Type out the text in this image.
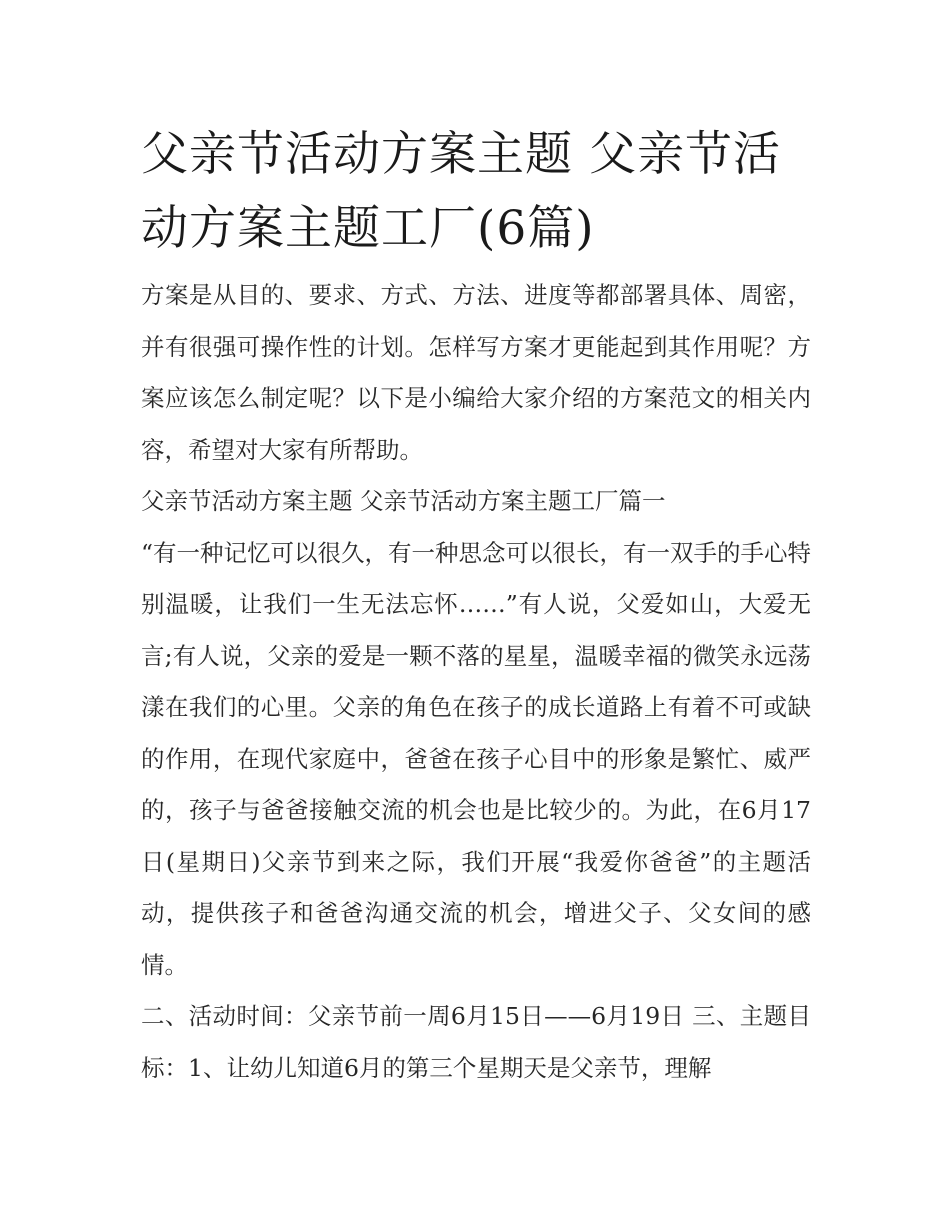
父亲节活动方案主题 父亲节活动方案主题工厂(6篇)

方案是从目的、要求、方式、方法、进度等都部署具体、周密，并有很强可操作性的计划。怎样写方案才更能起到其作用呢？方案应该怎么制定呢？以下是小编给大家介绍的方案范文的相关内容，希望对大家有所帮助。

父亲节活动方案主题 父亲节活动方案主题工厂篇一

“有一种记忆可以很久，有一种思念可以很长，有一双手的手心特别温暖，让我们一生无法忘怀……”有人说，父爱如山，大爱无言;有人说，父亲的爱是一颗不落的星星，温暖幸福的微笑永远荡漾在我们的心里。父亲的角色在孩子的成长道路上有着不可或缺的作用，在现代家庭中，爸爸在孩子心目中的形象是繁忙、威严的，孩子与爸爸接触交流的机会也是比较少的。为此，在6月17日(星期日)父亲节到来之际，我们开展“我爱你爸爸”的主题活动，提供孩子和爸爸沟通交流的机会，增进父子、父女间的感情。

二、活动时间：父亲节前一周6月15日——6月19日 三、主题目标：1、让幼儿知道6月的第三个星期天是父亲节，理解
